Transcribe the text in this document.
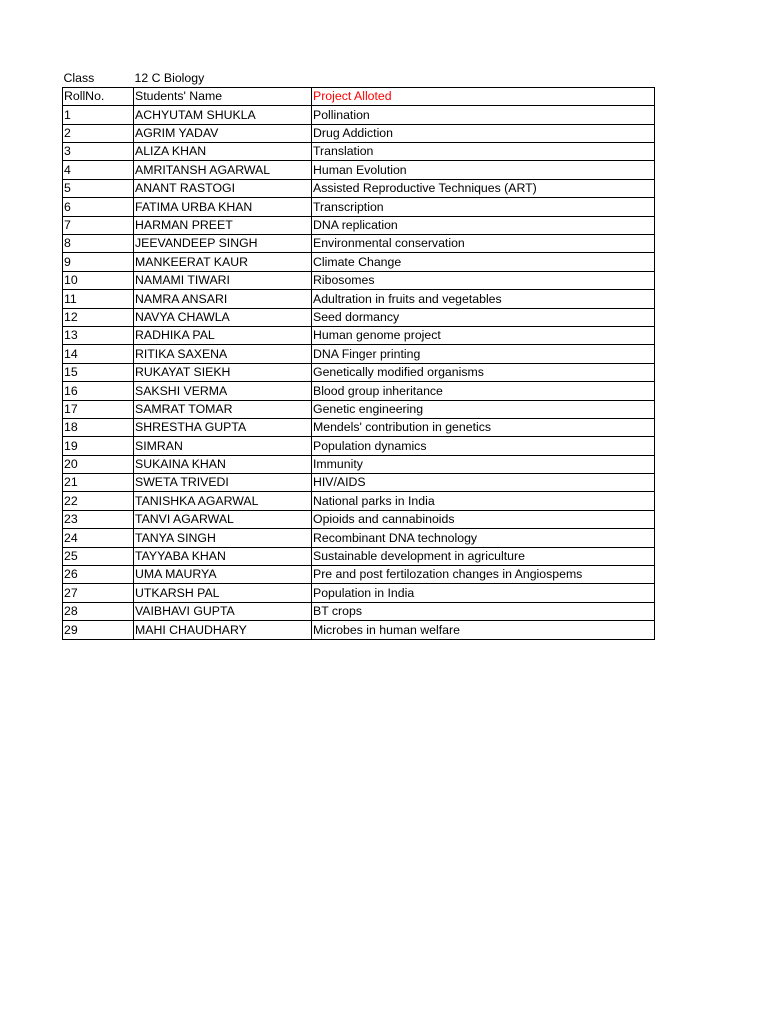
Class	12 C Biology	
RollNo.	Students' Name	Project Alloted
1	ACHYUTAM SHUKLA	Pollination
2	AGRIM YADAV	Drug Addiction
3	ALIZA KHAN	Translation
4	AMRITANSH AGARWAL	Human Evolution
5	ANANT RASTOGI	Assisted Reproductive Techniques (ART)
6	FATIMA URBA KHAN	Transcription
7	HARMAN PREET	DNA replication
8	JEEVANDEEP SINGH	Environmental conservation
9	MANKEERAT KAUR	Climate Change
10	NAMAMI TIWARI	Ribosomes
11	NAMRA ANSARI	Adultration in fruits and vegetables
12	NAVYA CHAWLA	Seed dormancy
13	RADHIKA PAL	Human genome project
14	RITIKA SAXENA	DNA Finger printing
15	RUKAYAT SIEKH	Genetically modified organisms
16	SAKSHI VERMA	Blood group inheritance
17	SAMRAT TOMAR	Genetic engineering
18	SHRESTHA GUPTA	Mendels' contribution in genetics
19	SIMRAN	Population dynamics
20	SUKAINA KHAN	Immunity
21	SWETA TRIVEDI	HIV/AIDS
22	TANISHKA AGARWAL	National parks in India
23	TANVI AGARWAL	Opioids and cannabinoids
24	TANYA SINGH	Recombinant DNA technology
25	TAYYABA KHAN	Sustainable development in agriculture
26	UMA MAURYA	Pre and post fertilozation changes in Angiospems
27	UTKARSH PAL	Population in India
28	VAIBHAVI GUPTA	BT crops
29	MAHI CHAUDHARY	Microbes in human welfare
